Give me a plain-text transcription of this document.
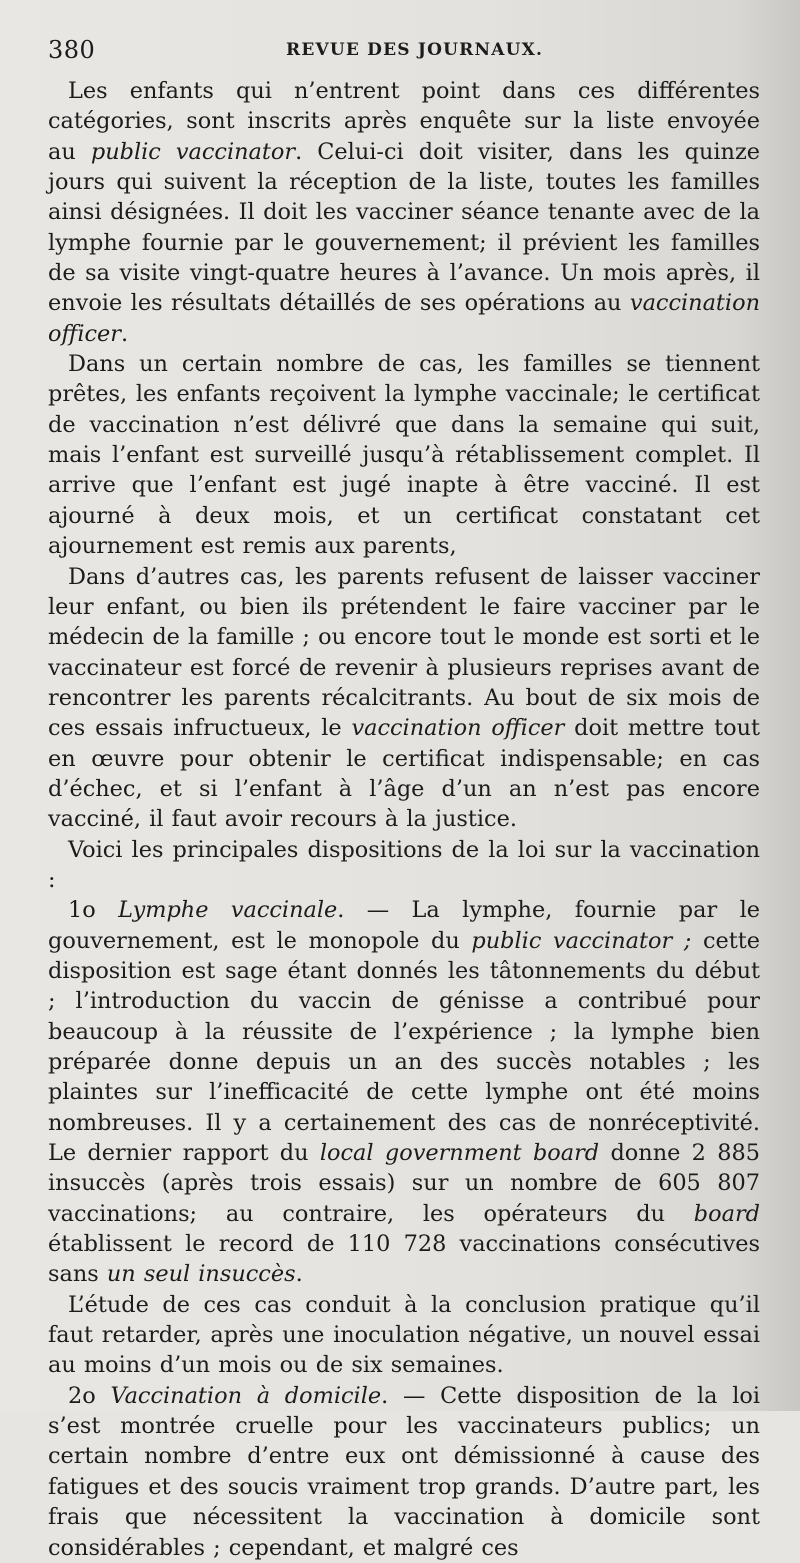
380	REVUE DES JOURNAUX.

Les enfants qui n’entrent point dans ces différentes catégories, sont inscrits après enquête sur la liste envoyée au public vaccinator. Celui-ci doit visiter, dans les quinze jours qui suivent la réception de la liste, toutes les familles ainsi désignées. Il doit les vacciner séance tenante avec de la lymphe fournie par le gouvernement; il prévient les familles de sa visite vingt-quatre heures à l’avance. Un mois après, il envoie les résultats détaillés de ses opérations au vaccination officer.

Dans un certain nombre de cas, les familles se tiennent prêtes, les enfants reçoivent la lymphe vaccinale; le certificat de vaccination n’est délivré que dans la semaine qui suit, mais l’enfant est surveillé jusqu’à rétablissement complet. Il arrive que l’enfant est jugé inapte à être vacciné. Il est ajourné à deux mois, et un certificat constatant cet ajournement est remis aux parents,

Dans d’autres cas, les parents refusent de laisser vacciner leur enfant, ou bien ils prétendent le faire vacciner par le médecin de la famille ; ou encore tout le monde est sorti et le vaccinateur est forcé de revenir à plusieurs reprises avant de rencontrer les parents récalcitrants. Au bout de six mois de ces essais infructueux, le vaccination officer doit mettre tout en œuvre pour obtenir le certificat indispensable; en cas d’échec, et si l’enfant à l’âge d’un an n’est pas encore vacciné, il faut avoir recours à la justice.

Voici les principales dispositions de la loi sur la vaccination :

1o Lymphe vaccinale. — La lymphe, fournie par le gouvernement, est le monopole du public vaccinator ; cette disposition est sage étant donnés les tâtonnements du début ; l’introduction du vaccin de génisse a contribué pour beaucoup à la réussite de l’expérience ; la lymphe bien préparée donne depuis un an des succès notables ; les plaintes sur l’inefficacité de cette lymphe ont été moins nombreuses. Il y a certainement des cas de nonréceptivité. Le dernier rapport du local government board donne 2 885 insuccès (après trois essais) sur un nombre de 605 807 vaccinations; au contraire, les opérateurs du board établissent le record de 110 728 vaccinations consécutives sans un seul insuccès.

L’étude de ces cas conduit à la conclusion pratique qu’il faut retarder, après une inoculation négative, un nouvel essai au moins d’un mois ou de six semaines.

2o Vaccination à domicile. — Cette disposition de la loi s’est montrée cruelle pour les vaccinateurs publics; un certain nombre d’entre eux ont démissionné à cause des fatigues et des soucis vraiment trop grands. D’autre part, les frais que nécessitent la vaccination à domicile sont considérables ; cependant, et malgré ces
